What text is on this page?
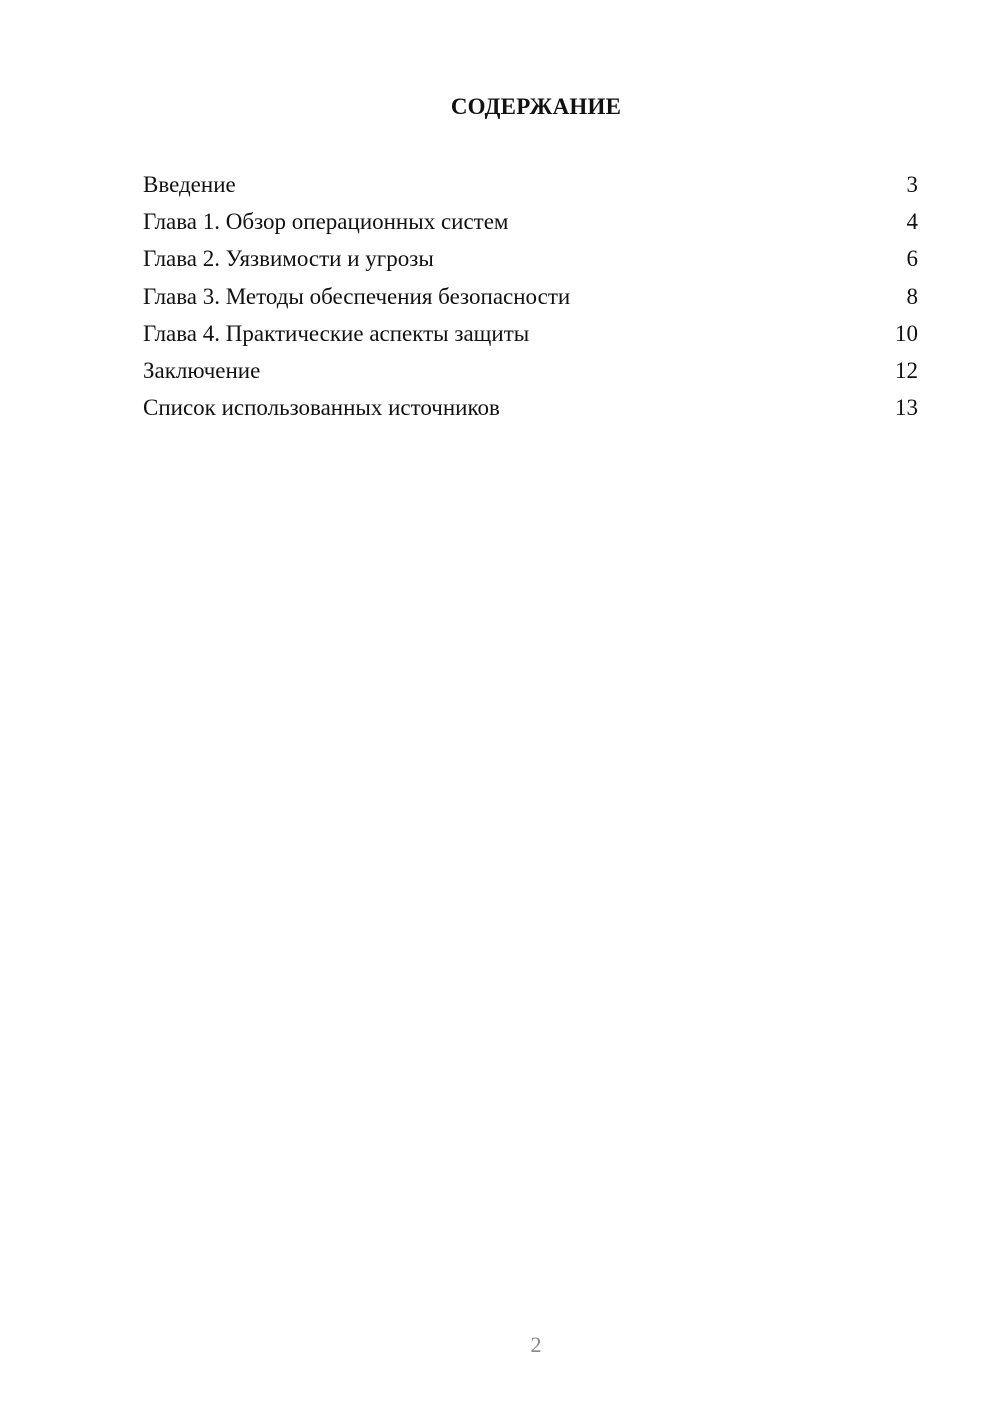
СОДЕРЖАНИЕ
Введение	3
Глава 1. Обзор операционных систем	4
Глава 2. Уязвимости и угрозы	6
Глава 3. Методы обеспечения безопасности	8
Глава 4. Практические аспекты защиты	10
Заключение	12
Список использованных источников	13
2
